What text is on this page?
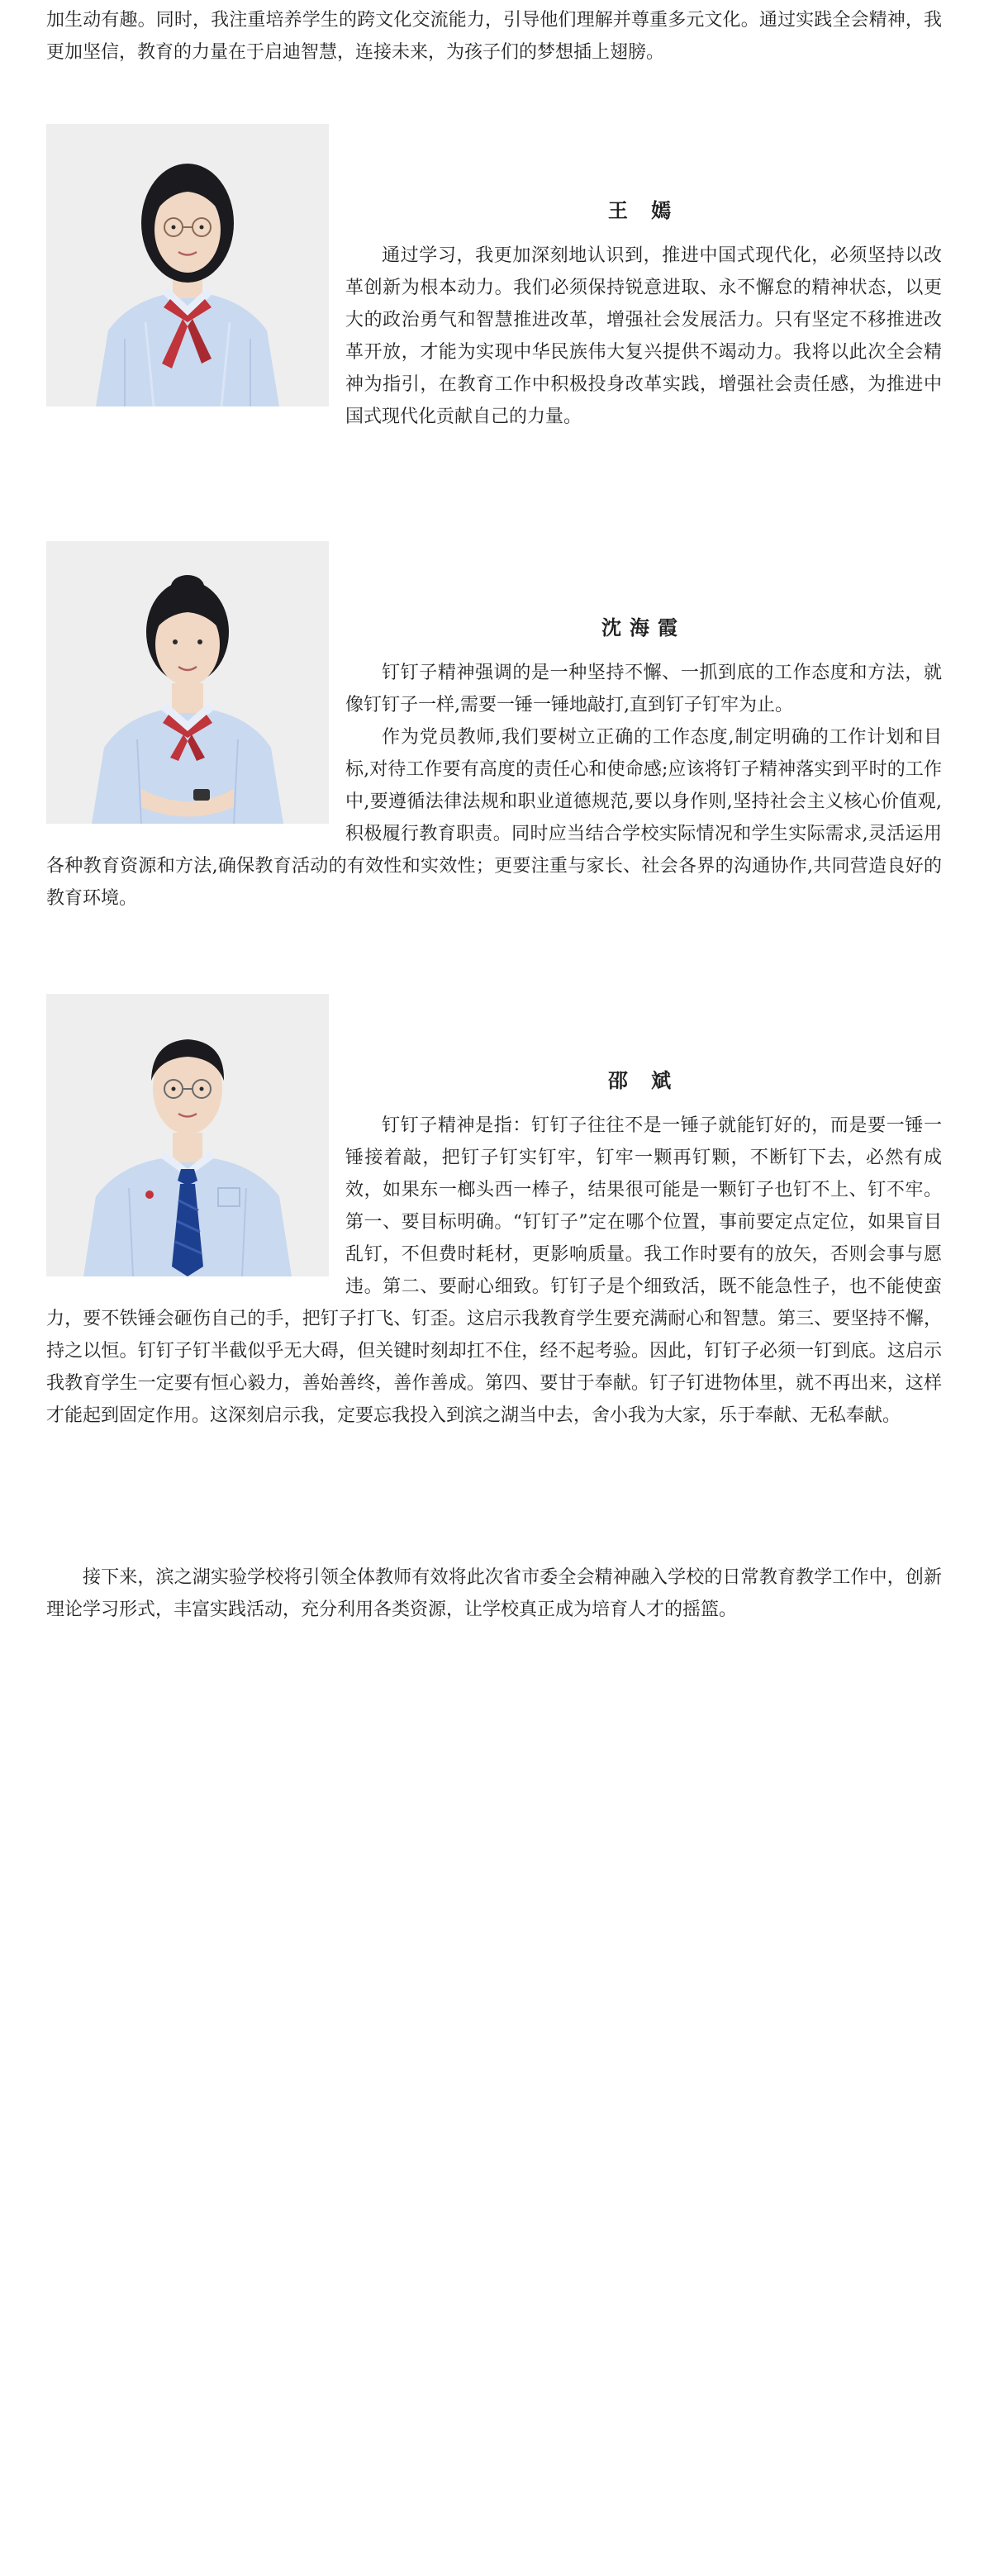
加生动有趣。同时，我注重培养学生的跨文化交流能力，引导他们理解并尊重多元文化。通过实践全会精神，我更加坚信，教育的力量在于启迪智慧，连接未来，为孩子们的梦想插上翅膀。

王 嫣

通过学习，我更加深刻地认识到，推进中国式现代化，必须坚持以改革创新为根本动力。我们必须保持锐意进取、永不懈怠的精神状态，以更大的政治勇气和智慧推进改革，增强社会发展活力。只有坚定不移推进改革开放，才能为实现中华民族伟大复兴提供不竭动力。我将以此次全会精神为指引，在教育工作中积极投身改革实践，增强社会责任感，为推进中国式现代化贡献自己的力量。

沈海霞

钉钉子精神强调的是一种坚持不懈、一抓到底的工作态度和方法，就像钉钉子一样,需要一锤一锤地敲打,直到钉子钉牢为止。

作为党员教师,我们要树立正确的工作态度,制定明确的工作计划和目标,对待工作要有高度的责任心和使命感;应该将钉子精神落实到平时的工作中,要遵循法律法规和职业道德规范,要以身作则,坚持社会主义核心价值观,积极履行教育职责。同时应当结合学校实际情况和学生实际需求,灵活运用各种教育资源和方法,确保教育活动的有效性和实效性；更要注重与家长、社会各界的沟通协作,共同营造良好的教育环境。

邵 斌

钉钉子精神是指：钉钉子往往不是一锤子就能钉好的，而是要一锤一锤接着敲，把钉子钉实钉牢，钉牢一颗再钉颗，不断钉下去，必然有成效，如果东一榔头西一棒子，结果很可能是一颗钉子也钉不上、钉不牢。第一、要目标明确。“钉钉子”定在哪个位置，事前要定点定位，如果盲目乱钉，不但费时耗材，更影响质量。我工作时要有的放矢，否则会事与愿违。第二、要耐心细致。钉钉子是个细致活，既不能急性子，也不能使蛮力，要不铁锤会砸伤自己的手，把钉子打飞、钉歪。这启示我教育学生要充满耐心和智慧。第三、要坚持不懈，持之以恒。钉钉子钉半截似乎无大碍，但关键时刻却扛不住，经不起考验。因此，钉钉子必须一钉到底。这启示我教育学生一定要有恒心毅力，善始善终，善作善成。第四、要甘于奉献。钉子钉进物体里，就不再出来，这样才能起到固定作用。这深刻启示我，定要忘我投入到滨之湖当中去，舍小我为大家，乐于奉献、无私奉献。

接下来，滨之湖实验学校将引领全体教师有效将此次省市委全会精神融入学校的日常教育教学工作中，创新理论学习形式，丰富实践活动，充分利用各类资源，让学校真正成为培育人才的摇篮。
